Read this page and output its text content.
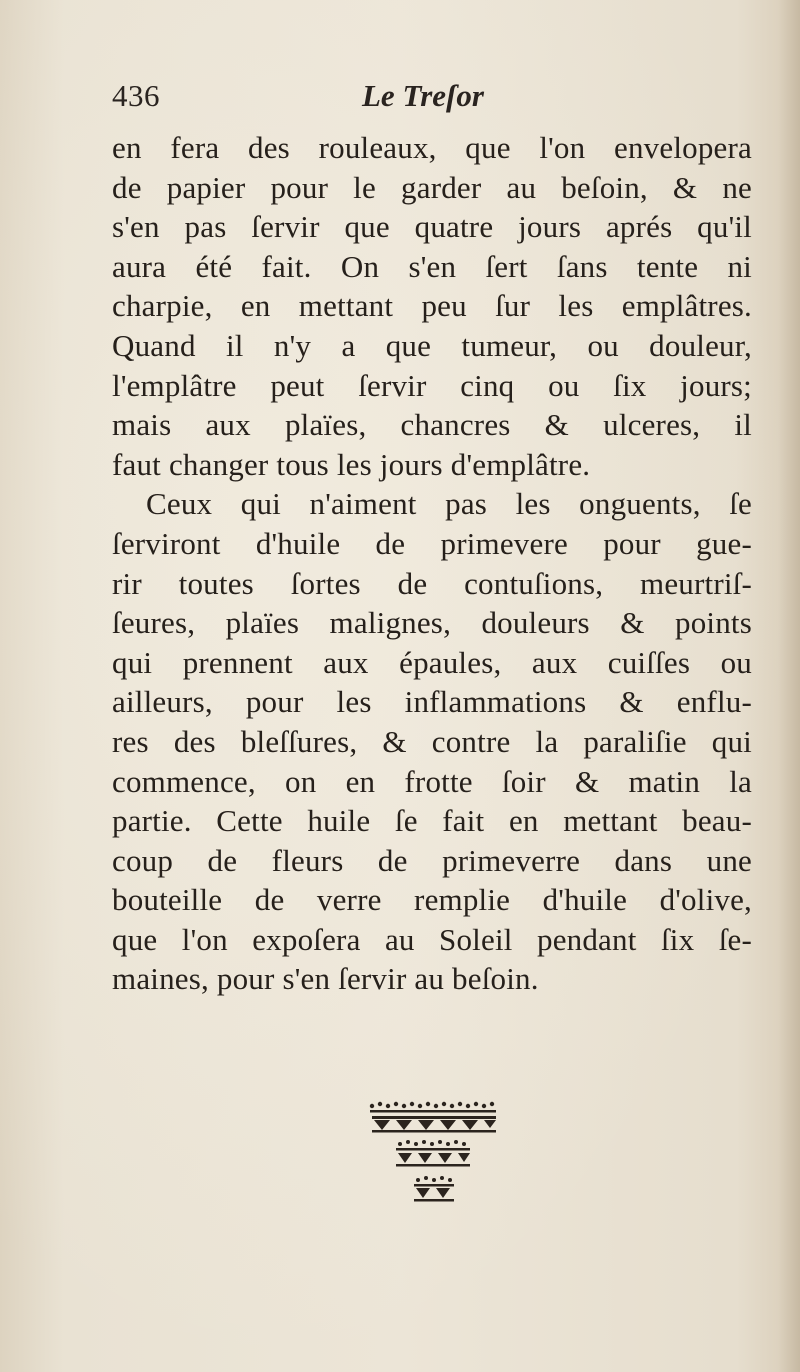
436	Le Treſor
en fera des rouleaux, que l'on envelopera
de papier pour le garder au beſoin, & ne
s'en pas ſervir que quatre jours aprés qu'il
aura été fait. On s'en ſert ſans tente ni
charpie, en mettant peu ſur les emplâtres.
Quand il n'y a que tumeur, ou douleur,
l'emplâtre peut ſervir cinq ou ſix jours;
mais aux plaïes, chancres & ulceres, il
faut changer tous les jours d'emplâtre.
Ceux qui n'aiment pas les onguents, ſe
ſerviront d'huile de primevere pour gue-
rir toutes ſortes de contuſions, meurtriſ-
ſeures, plaïes malignes, douleurs & points
qui prennent aux épaules, aux cuiſſes ou
ailleurs, pour les inflammations & enflu-
res des bleſſures, & contre la paraliſie qui
commence, on en frotte ſoir & matin la
partie. Cette huile ſe fait en mettant beau-
coup de fleurs de primeverre dans une
bouteille de verre remplie d'huile d'olive,
que l'on expoſera au Soleil pendant ſix ſe-
maines, pour s'en ſervir au beſoin.
